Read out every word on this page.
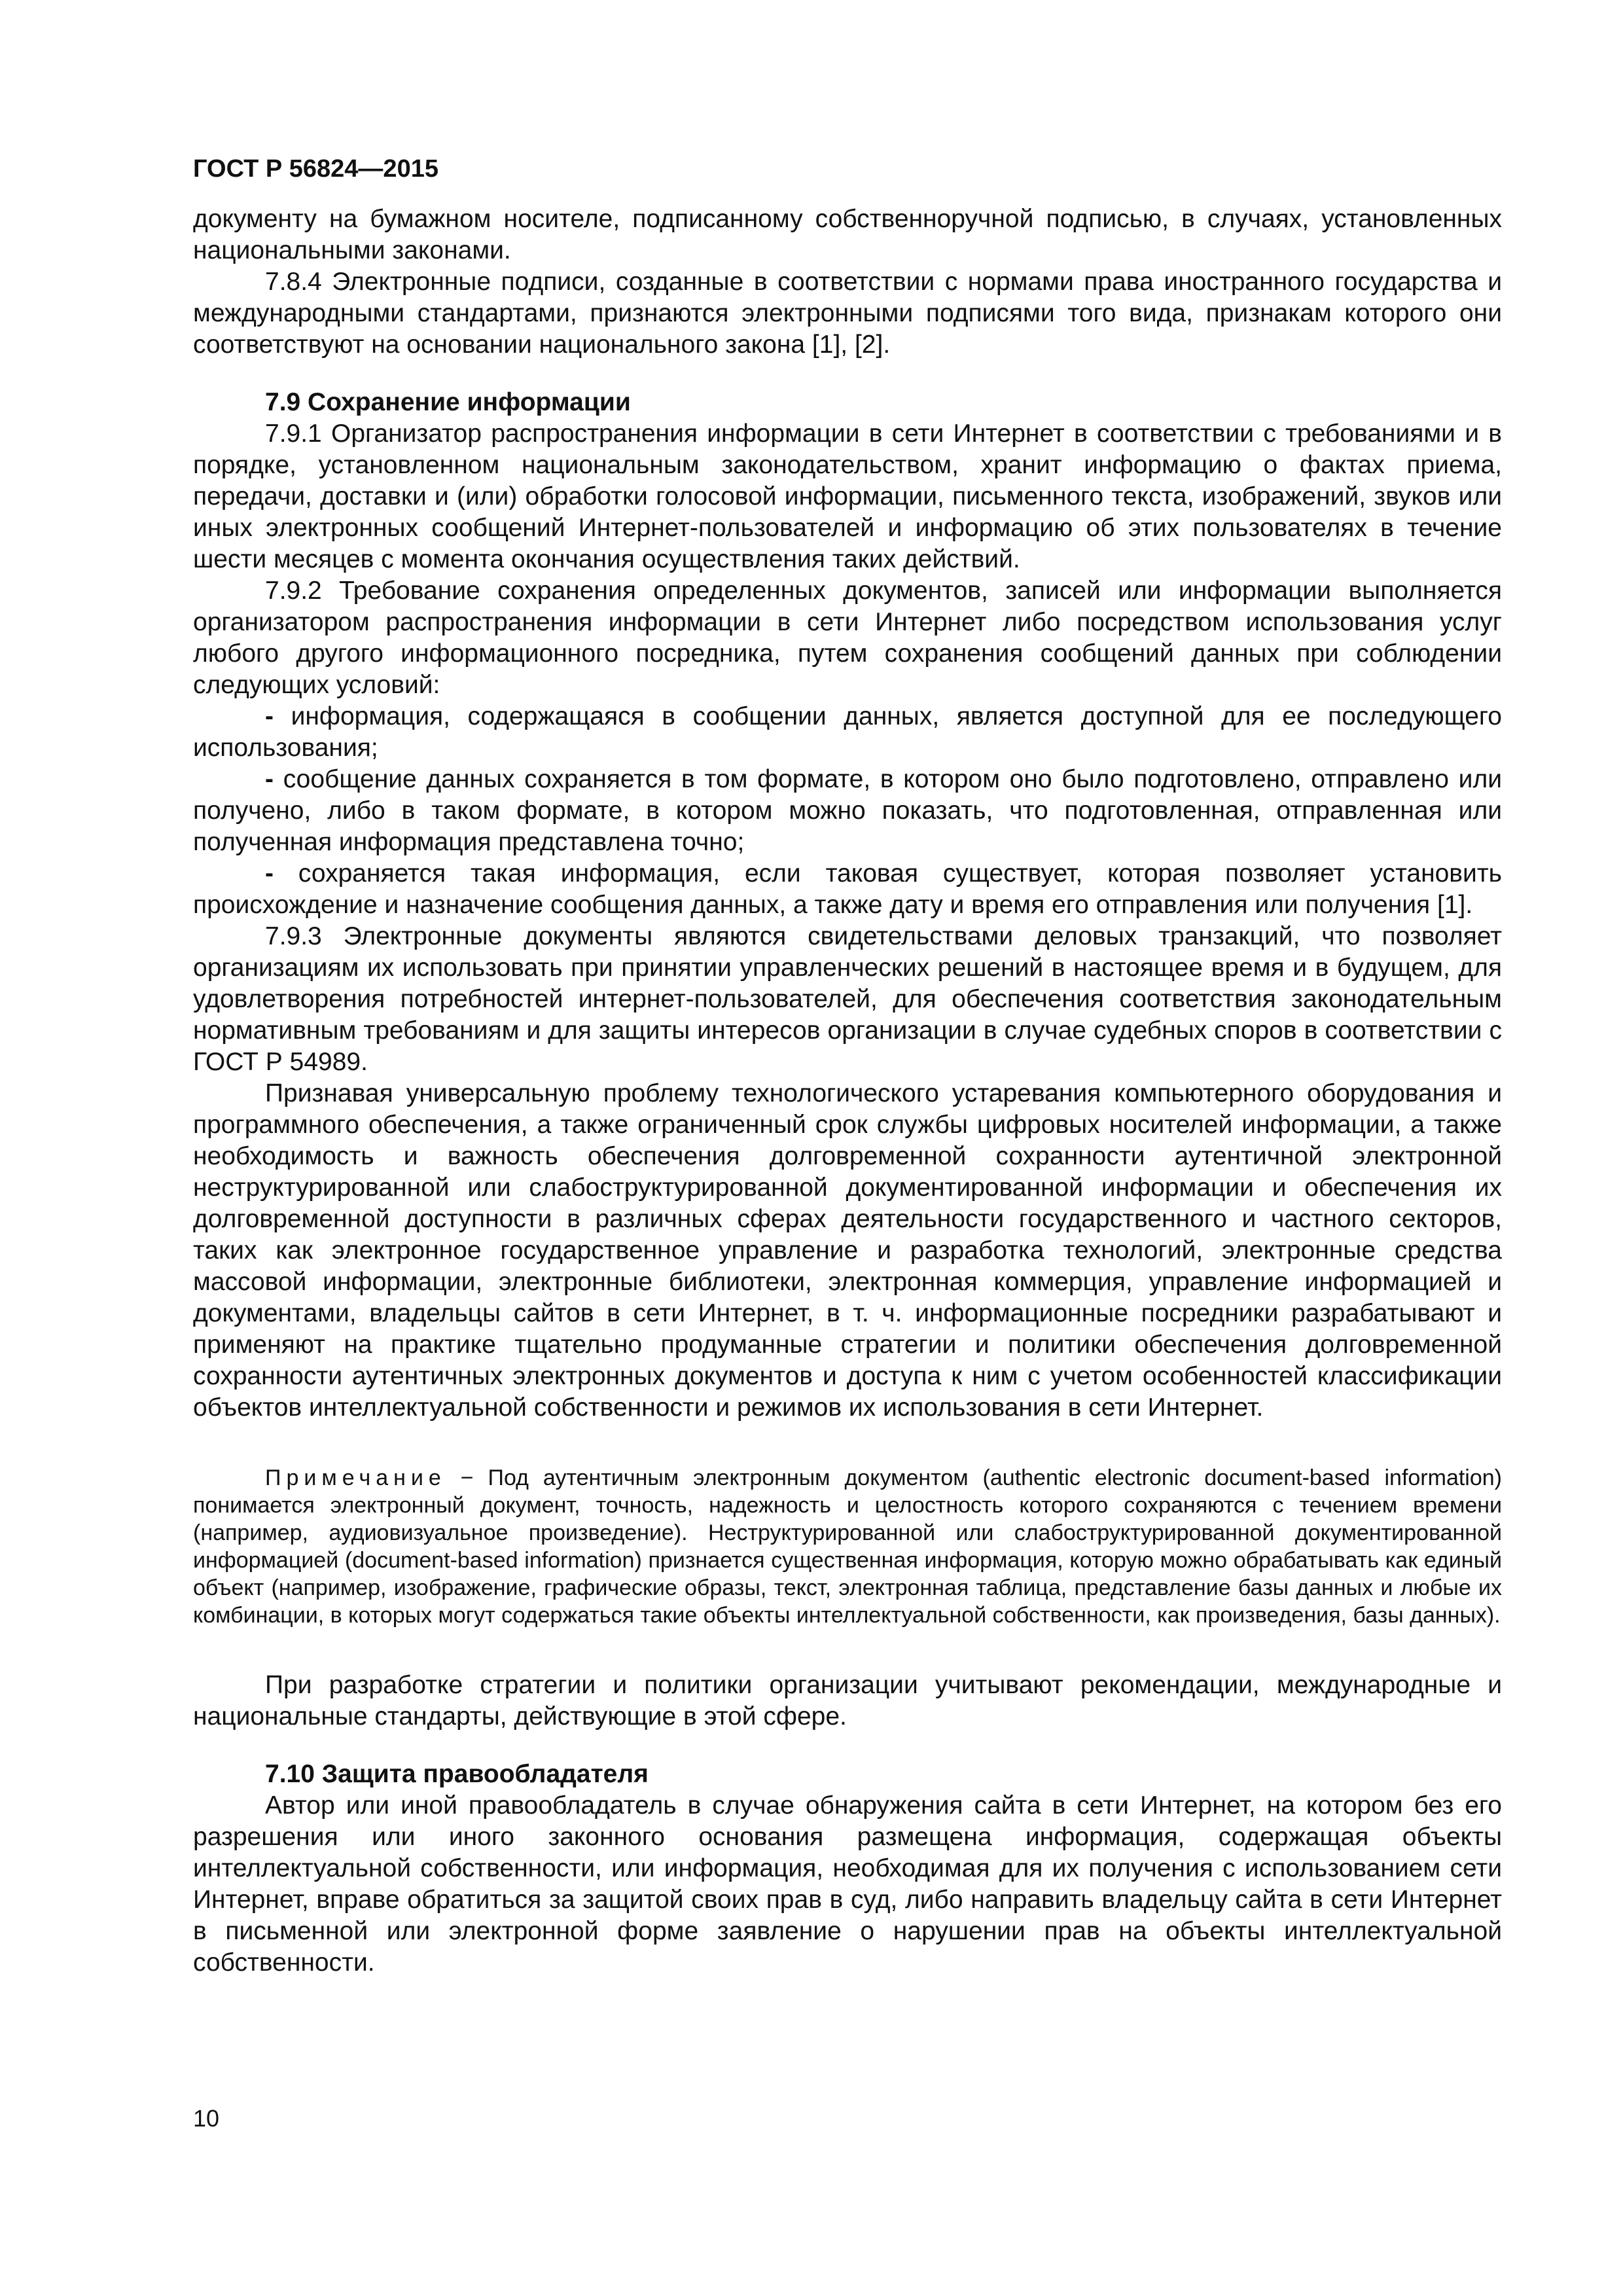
ГОСТ Р 56824—2015

документу на бумажном носителе, подписанному собственноручной подписью, в случаях, установленных национальными законами.

7.8.4 Электронные подписи, созданные в соответствии с нормами права иностранного государства и международными стандартами, признаются электронными подписями того вида, признакам которого они соответствуют на основании национального закона [1], [2].

7.9 Сохранение информации

7.9.1 Организатор распространения информации в сети Интернет в соответствии с требованиями и в порядке, установленном национальным законодательством, хранит информацию о фактах приема, передачи, доставки и (или) обработки голосовой информации, письменного текста, изображений, звуков или иных электронных сообщений Интернет-пользователей и информацию об этих пользователях в течение шести месяцев с момента окончания осуществления таких действий.

7.9.2 Требование сохранения определенных документов, записей или информации выполняется организатором распространения информации в сети Интернет либо посредством использования услуг любого другого информационного посредника, путем сохранения сообщений данных при соблюдении следующих условий:

- информация, содержащаяся в сообщении данных, является доступной для ее последующего использования;

- сообщение данных сохраняется в том формате, в котором оно было подготовлено, отправлено или получено, либо в таком формате, в котором можно показать, что подготовленная, отправленная или полученная информация представлена точно;

- сохраняется такая информация, если таковая существует, которая позволяет установить происхождение и назначение сообщения данных, а также дату и время его отправления или получения [1].

7.9.3 Электронные документы являются свидетельствами деловых транзакций, что позволяет организациям их использовать при принятии управленческих решений в настоящее время и в будущем, для удовлетворения потребностей интернет-пользователей, для обеспечения соответствия законодательным нормативным требованиям и для защиты интересов организации в случае судебных споров в соответствии с ГОСТ Р 54989.

Признавая универсальную проблему технологического устаревания компьютерного оборудования и программного обеспечения, а также ограниченный срок службы цифровых носителей информации, а также необходимость и важность обеспечения долговременной сохранности аутентичной электронной неструктурированной или слабоструктурированной документированной информации и обеспечения их долговременной доступности в различных сферах деятельности государственного и частного секторов, таких как электронное государственное управление и разработка технологий, электронные средства массовой информации, электронные библиотеки, электронная коммерция, управление информацией и документами, владельцы сайтов в сети Интернет, в т. ч. информационные посредники разрабатывают и применяют на практике тщательно продуманные стратегии и политики обеспечения долговременной сохранности аутентичных электронных документов и доступа к ним с учетом особенностей классификации объектов интеллектуальной собственности и режимов их использования в сети Интернет.

Примечание − Под аутентичным электронным документом (authentic electronic document-based information) понимается электронный документ, точность, надежность и целостность которого сохраняются с течением времени (например, аудиовизуальное произведение). Неструктурированной или слабоструктурированной документированной информацией (document-based information) признается существенная информация, которую можно обрабатывать как единый объект (например, изображение, графические образы, текст, электронная таблица, представление базы данных и любые их комбинации, в которых могут содержаться такие объекты интеллектуальной собственности, как произведения, базы данных).

При разработке стратегии и политики организации учитывают рекомендации, международные и национальные стандарты, действующие в этой сфере.

7.10 Защита правообладателя

Автор или иной правообладатель в случае обнаружения сайта в сети Интернет, на котором без его разрешения или иного законного основания размещена информация, содержащая объекты интеллектуальной собственности, или информация, необходимая для их получения с использованием сети Интернет, вправе обратиться за защитой своих прав в суд, либо направить владельцу сайта в сети Интернет в письменной или электронной форме заявление о нарушении прав на объекты интеллектуальной собственности.

10
